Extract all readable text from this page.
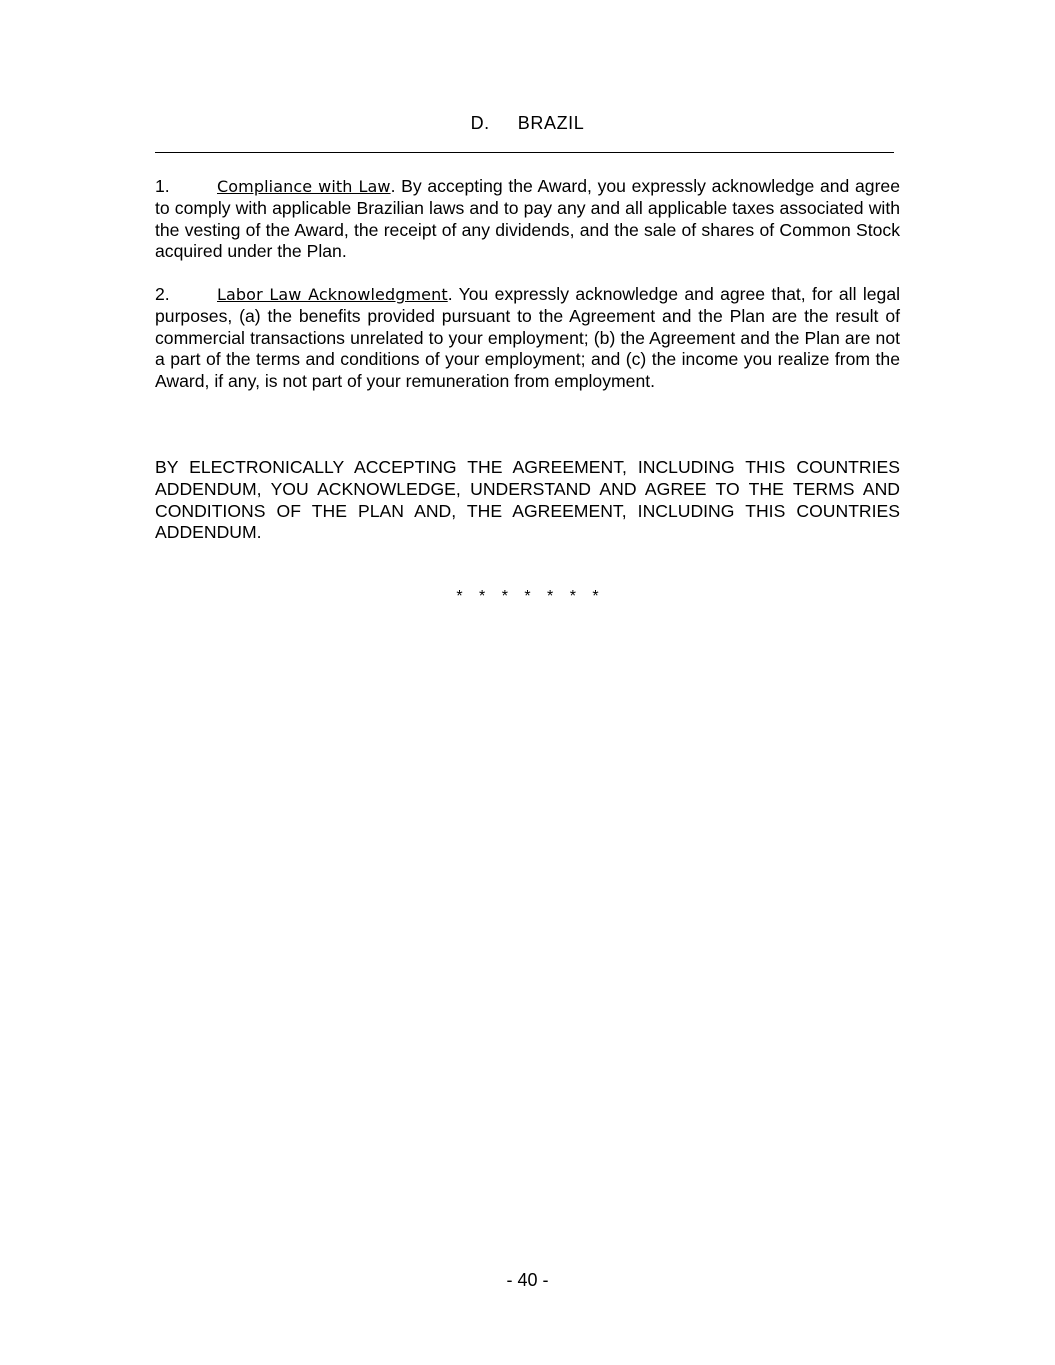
D. BRAZIL

1.	Compliance with Law. By accepting the Award, you expressly acknowledge and agree to comply with applicable Brazilian laws and to pay any and all applicable taxes associated with the vesting of the Award, the receipt of any dividends, and the sale of shares of Common Stock acquired under the Plan.

2.	Labor Law Acknowledgment. You expressly acknowledge and agree that, for all legal purposes, (a) the benefits provided pursuant to the Agreement and the Plan are the result of commercial transactions unrelated to your employment; (b) the Agreement and the Plan are not a part of the terms and conditions of your employment; and (c) the income you realize from the Award, if any, is not part of your remuneration from employment.

BY ELECTRONICALLY ACCEPTING THE AGREEMENT, INCLUDING THIS COUNTRIES ADDENDUM, YOU ACKNOWLEDGE, UNDERSTAND AND AGREE TO THE TERMS AND CONDITIONS OF THE PLAN AND, THE AGREEMENT, INCLUDING THIS COUNTRIES ADDENDUM.

* * * * * * *

- 40 -
